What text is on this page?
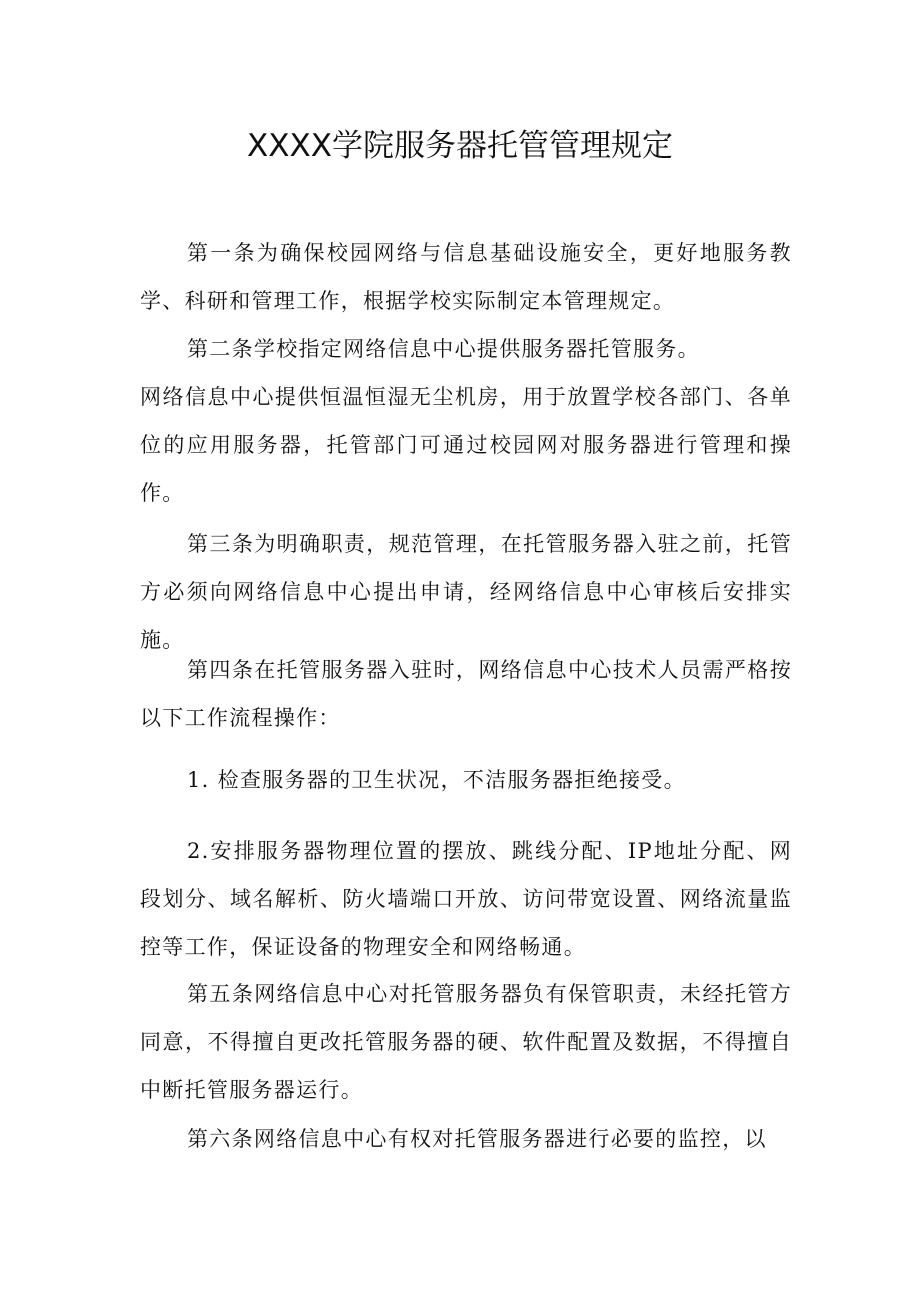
XXXX学院服务器托管管理规定

第一条为确保校园网络与信息基础设施安全，更好地服务教学、科研和管理工作，根据学校实际制定本管理规定。

第二条学校指定网络信息中心提供服务器托管服务。

网络信息中心提供恒温恒湿无尘机房，用于放置学校各部门、各单位的应用服务器，托管部门可通过校园网对服务器进行管理和操作。

第三条为明确职责，规范管理，在托管服务器入驻之前，托管方必须向网络信息中心提出申请，经网络信息中心审核后安排实施。

第四条在托管服务器入驻时，网络信息中心技术人员需严格按以下工作流程操作：

1. 检查服务器的卫生状况，不洁服务器拒绝接受。

2.安排服务器物理位置的摆放、跳线分配、IP地址分配、网段划分、域名解析、防火墙端口开放、访问带宽设置、网络流量监控等工作，保证设备的物理安全和网络畅通。

第五条网络信息中心对托管服务器负有保管职责，未经托管方同意，不得擅自更改托管服务器的硬、软件配置及数据，不得擅自中断托管服务器运行。

第六条网络信息中心有权对托管服务器进行必要的监控，以
